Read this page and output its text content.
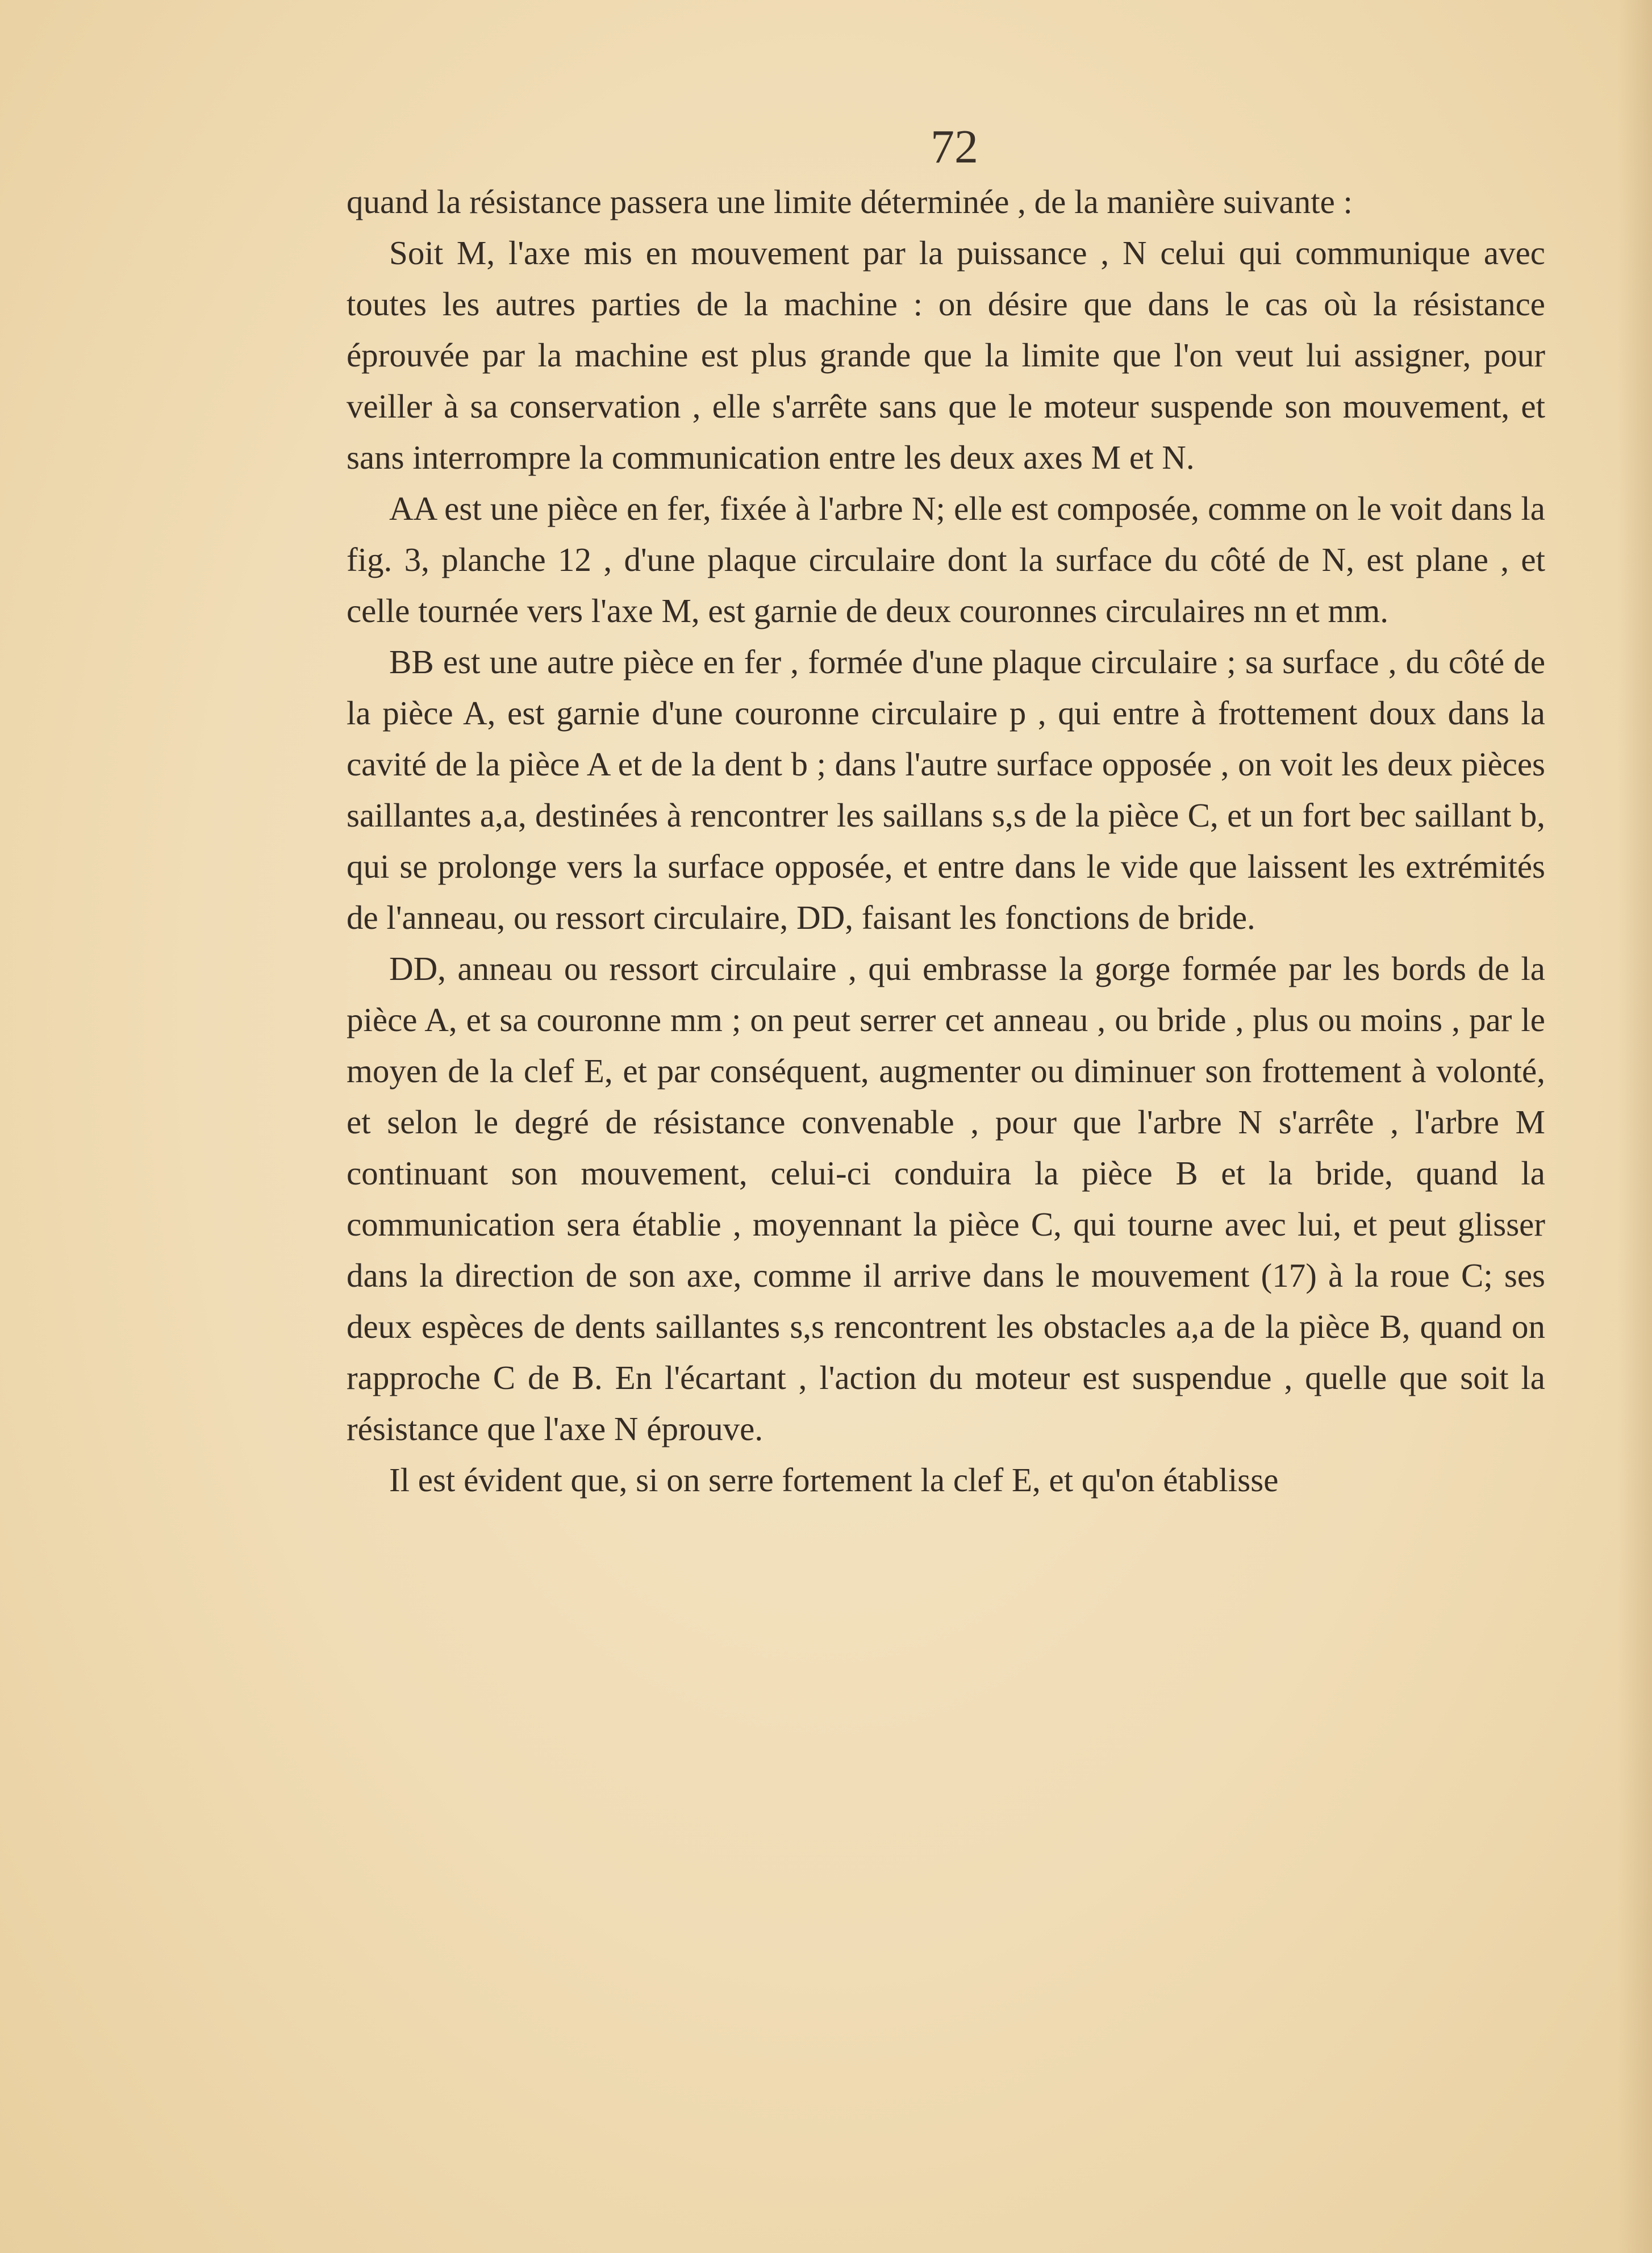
72

quand la résistance passera une limite déterminée , de la manière suivante :

Soit M, l'axe mis en mouvement par la puissance , N celui qui communique avec toutes les autres parties de la machine : on désire que dans le cas où la résistance éprouvée par la machine est plus grande que la limite que l'on veut lui assigner, pour veiller à sa conservation , elle s'arrête sans que le moteur suspende son mouvement, et sans interrompre la communication entre les deux axes M et N.

AA est une pièce en fer, fixée à l'arbre N; elle est composée, comme on le voit dans la fig. 3, planche 12 , d'une plaque circulaire dont la surface du côté de N, est plane , et celle tournée vers l'axe M, est garnie de deux couronnes circulaires nn et mm.

BB est une autre pièce en fer , formée d'une plaque circulaire ; sa surface , du côté de la pièce A, est garnie d'une couronne circulaire p , qui entre à frottement doux dans la cavité de la pièce A et de la dent b ; dans l'autre surface opposée , on voit les deux pièces saillantes a,a, destinées à rencontrer les saillans s,s de la pièce C, et un fort bec saillant b, qui se prolonge vers la surface opposée, et entre dans le vide que laissent les extrémités de l'anneau, ou ressort circulaire, DD, faisant les fonctions de bride.

DD, anneau ou ressort circulaire , qui embrasse la gorge formée par les bords de la pièce A, et sa couronne mm ; on peut serrer cet anneau , ou bride , plus ou moins , par le moyen de la clef E, et par conséquent, augmenter ou diminuer son frottement à volonté, et selon le degré de résistance convenable , pour que l'arbre N s'arrête , l'arbre M continuant son mouvement, celui-ci conduira la pièce B et la bride, quand la communication sera établie , moyennant la pièce C, qui tourne avec lui, et peut glisser dans la direction de son axe, comme il arrive dans le mouvement (17) à la roue C; ses deux espèces de dents saillantes s,s rencontrent les obstacles a,a de la pièce B, quand on rapproche C de B. En l'écartant , l'action du moteur est suspendue , quelle que soit la résistance que l'axe N éprouve.

Il est évident que, si on serre fortement la clef E, et qu'on établisse
